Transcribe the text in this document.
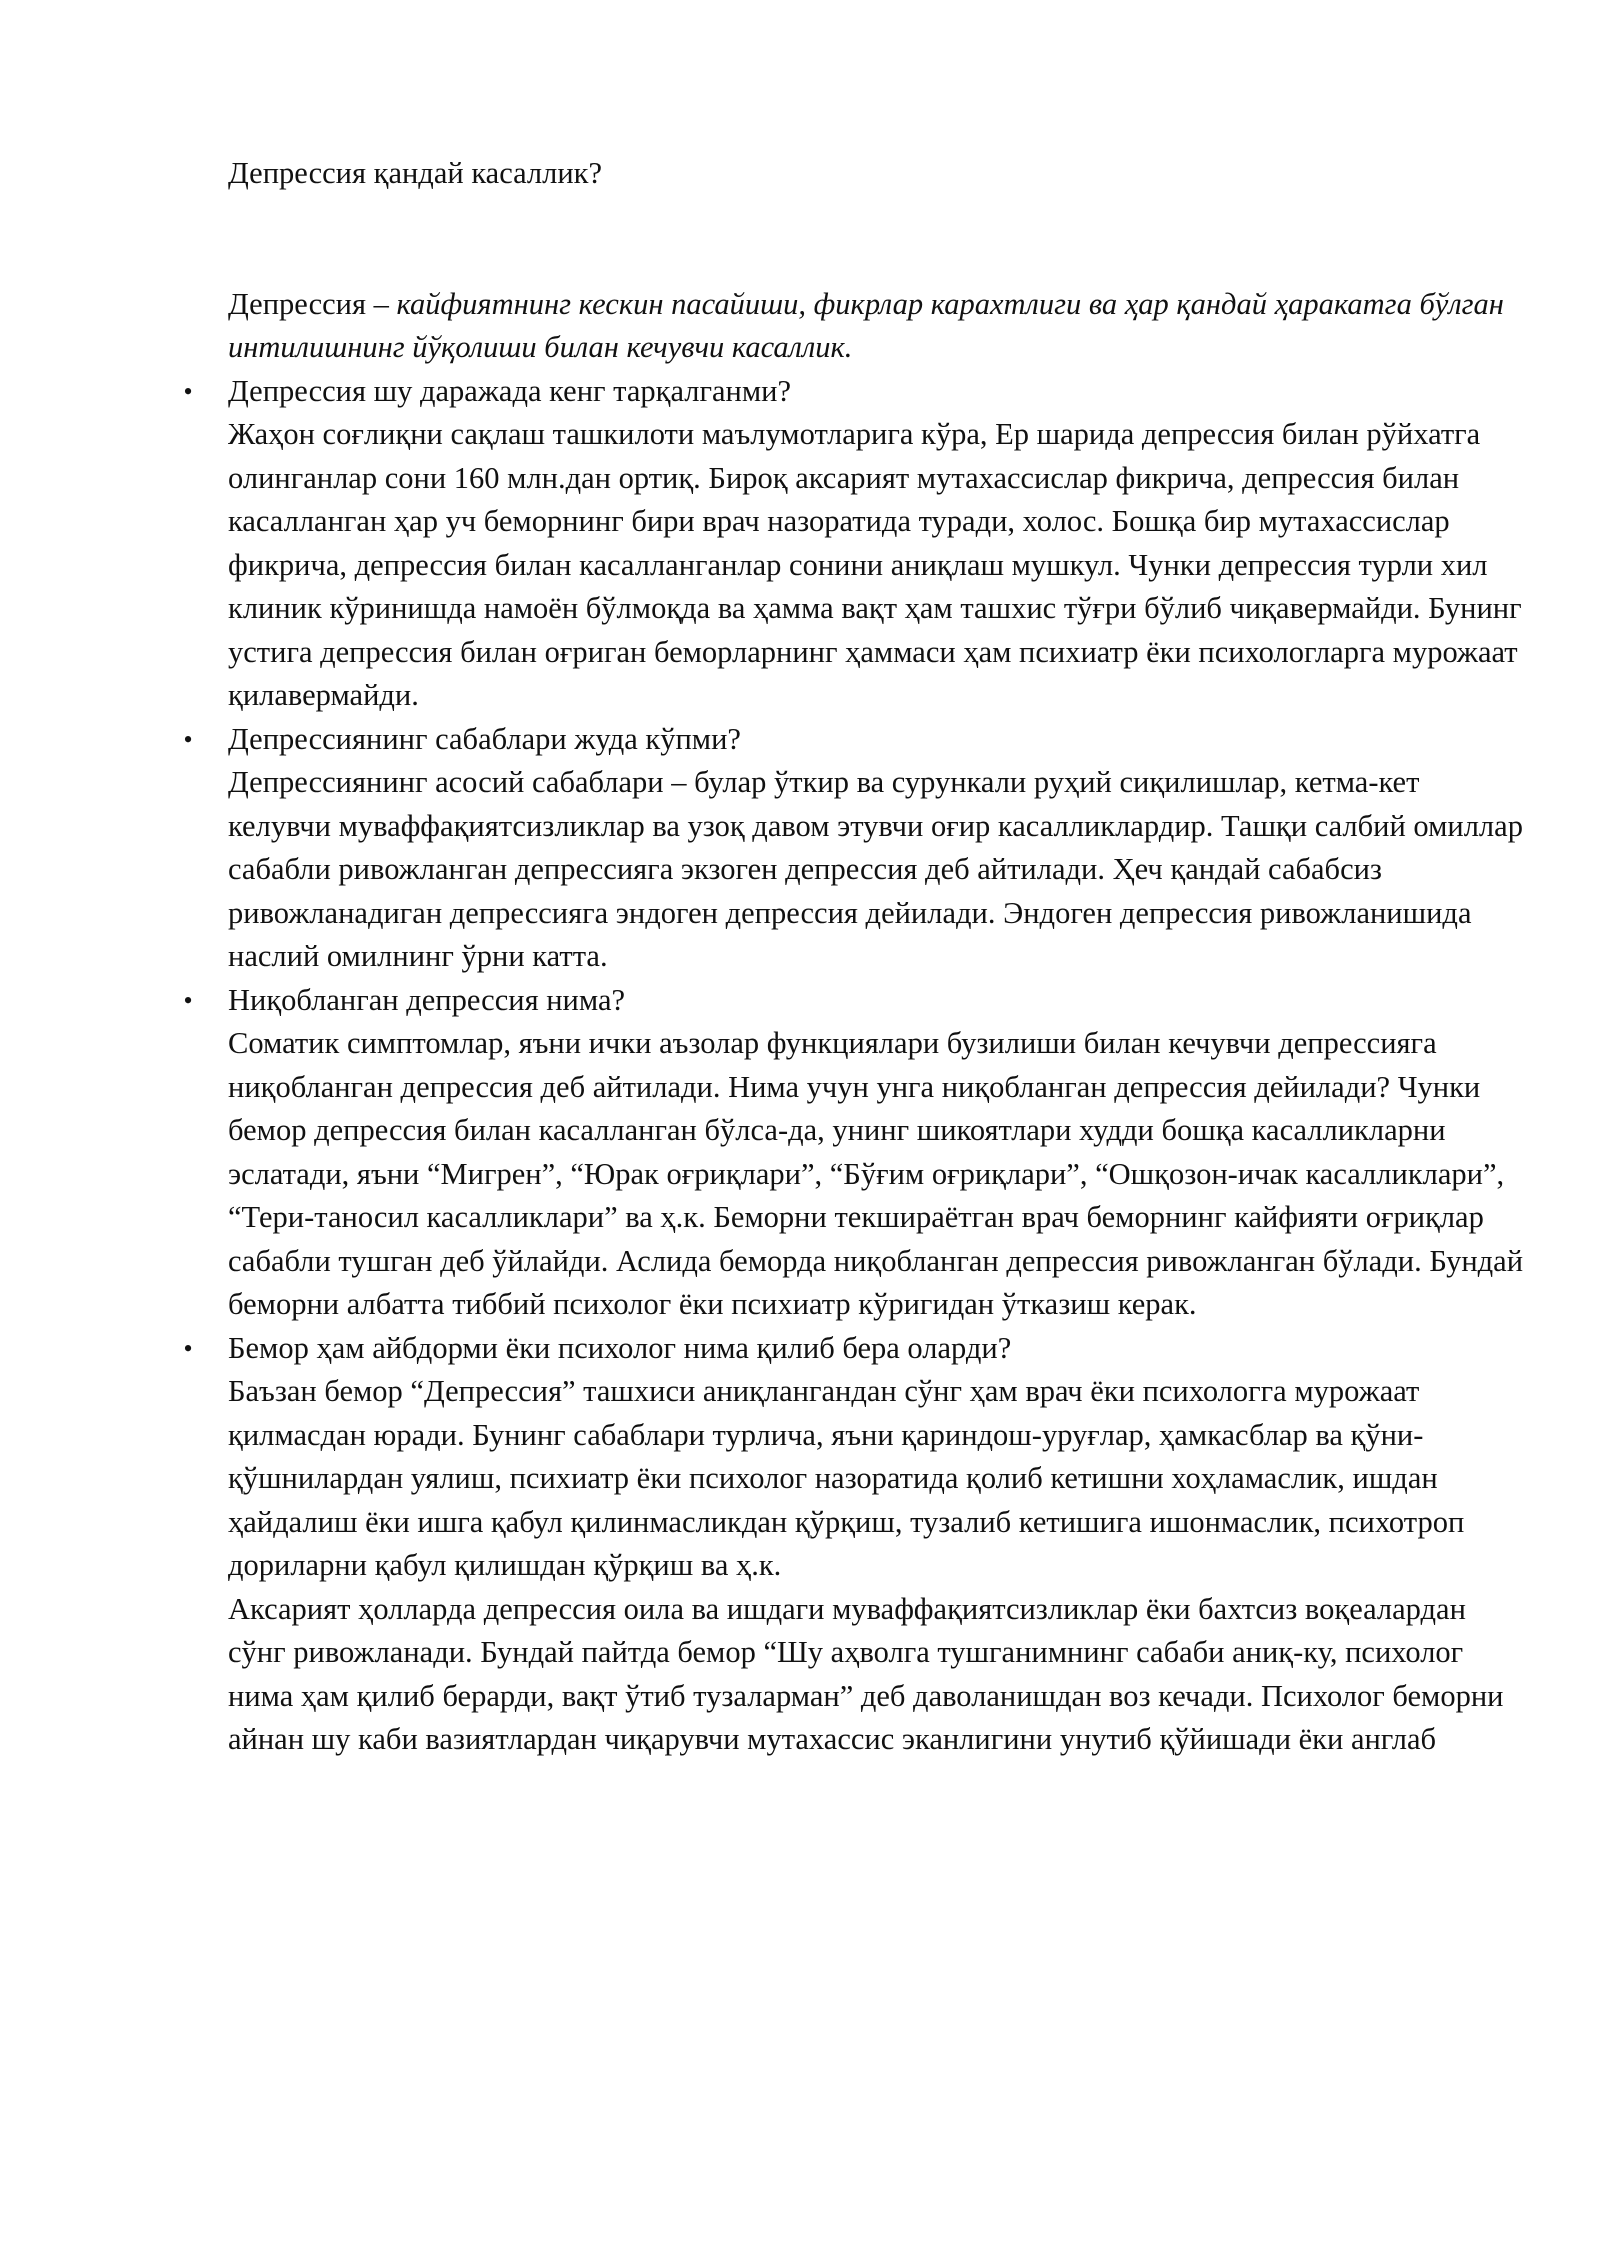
Депрессия қандай касаллик?

Депрессия – кайфиятнинг кескин пасайиши, фикрлар карахтлиги ва ҳар қандай ҳаракатга бўлган интилишнинг йўқолиши билан кечувчи касаллик.

• Депрессия шу даражада кенг тарқалганми?

Жаҳон соғлиқни сақлаш ташкилоти маълумотларига кўра, Ер шарида депрессия билан рўйхатга олинганлар сони 160 млн.дан ортиқ. Бироқ аксарият мутахассислар фикрича, депрессия билан касалланган ҳар уч беморнинг бири врач назоратида туради, холос. Бошқа бир мутахассислар фикрича, депрессия билан касалланганлар сонини аниқлаш мушкул. Чунки депрессия турли хил клиник кўринишда намоён бўлмоқда ва ҳамма вақт ҳам ташхис тўғри бўлиб чиқавермайди. Бунинг устига депрессия билан оғриган беморларнинг ҳаммаси ҳам психиатр ёки психологларга мурожаат қилавермайди.

• Депрессиянинг сабаблари жуда кўпми?

Депрессиянинг асосий сабаблари – булар ўткир ва сурункали руҳий сиқилишлар, кетма-кет келувчи муваффақиятсизликлар ва узоқ давом этувчи оғир касалликлардир. Ташқи салбий омиллар сабабли ривожланган депрессияга экзоген депрессия деб айтилади. Ҳеч қандай сабабсиз ривожланадиган депрессияга эндоген депрессия дейилади. Эндоген депрессия ривожланишида наслий омилнинг ўрни катта.

• Ниқобланган депрессия нима?

Соматик симптомлар, яъни ички аъзолар функциялари бузилиши билан кечувчи депрессияга ниқобланган депрессия деб айтилади. Нима учун унга ниқобланган депрессия дейилади? Чунки бемор депрессия билан касалланган бўлса-да, унинг шикоятлари худди бошқа касалликларни эслатади, яъни “Мигрен”, “Юрак оғриқлари”, “Бўғим оғриқлари”, “Ошқозон-ичак касалликлари”, “Тери-таносил касалликлари” ва ҳ.к. Беморни текшираётган врач беморнинг кайфияти оғриқлар сабабли тушган деб ўйлайди. Аслида беморда ниқобланган депрессия ривожланган бўлади. Бундай беморни албатта тиббий психолог ёки психиатр кўригидан ўтказиш керак.

• Бемор ҳам айбдорми ёки психолог нима қилиб бера оларди?

Баъзан бемор “Депрессия” ташхиси аниқлангандан сўнг ҳам врач ёки психологга мурожаат қилмасдан юради. Бунинг сабаблари турлича, яъни қариндош-уруғлар, ҳамкасблар ва қўни-қўшнилардан уялиш, психиатр ёки психолог назоратида қолиб кетишни хоҳламаслик, ишдан ҳайдалиш ёки ишга қабул қилинмасликдан қўрқиш, тузалиб кетишига ишонмаслик, психотроп дориларни қабул қилишдан қўрқиш ва ҳ.к.

Аксарият ҳолларда депрессия оила ва ишдаги муваффақиятсизликлар ёки бахтсиз воқеалардан сўнг ривожланади. Бундай пайтда бемор “Шу аҳволга тушганимнинг сабаби аниқ-ку, психолог нима ҳам қилиб берарди, вақт ўтиб тузаларман” деб даволанишдан воз кечади. Психолог беморни айнан шу каби вазиятлардан чиқарувчи мутахассис эканлигини унутиб қўйишади ёки англаб
